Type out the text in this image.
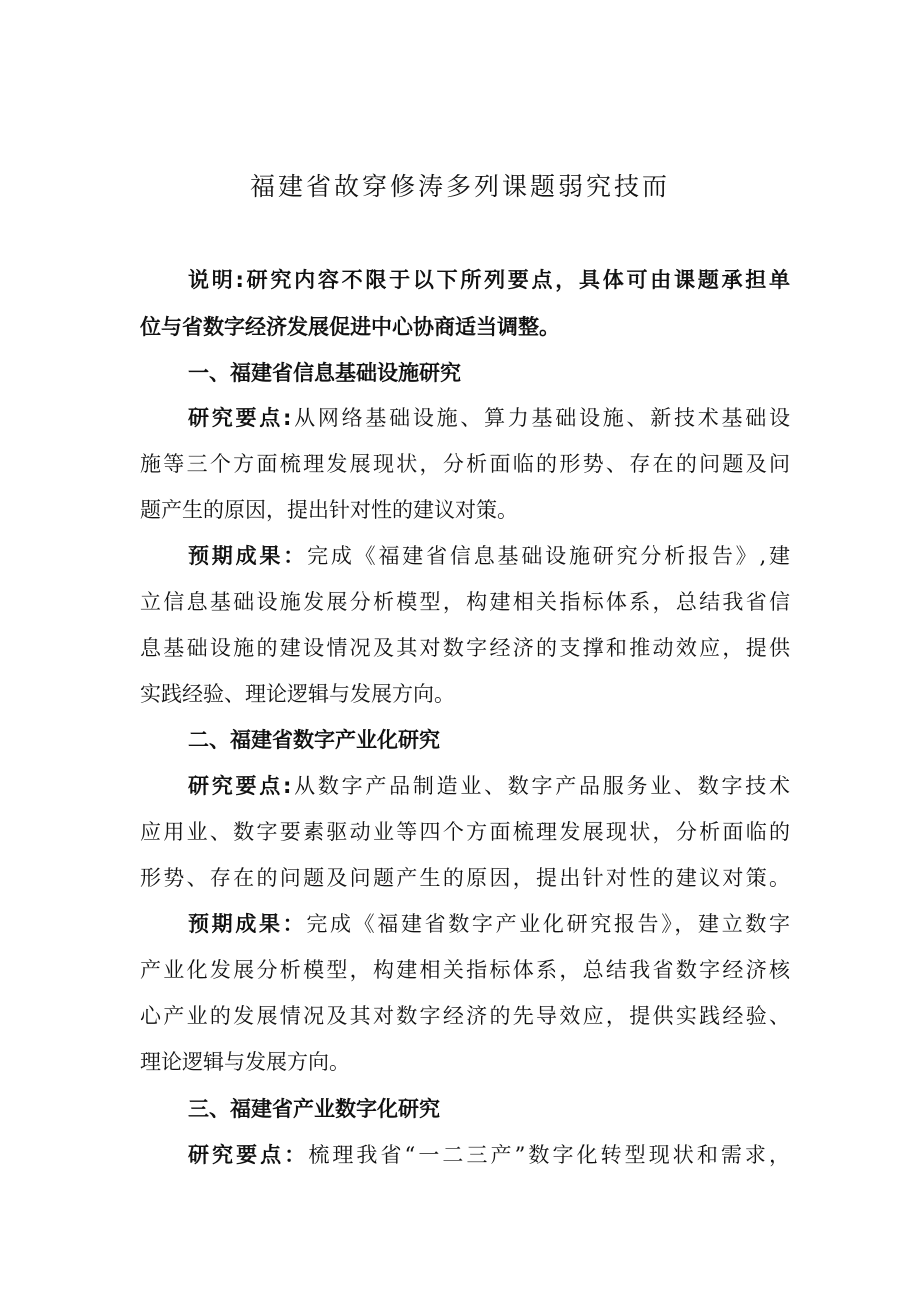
福建省故穿修涛多列课题弱究技而
说明:研究内容不限于以下所列要点，具体可由课题承担单
位与省数字经济发展促进中心协商适当调整。
一、福建省信息基础设施研究
研究要点:从网络基础设施、算力基础设施、新技术基础设
施等三个方面梳理发展现状，分析面临的形势、存在的问题及问
题产生的原因，提出针对性的建议对策。
预期成果：完成《福建省信息基础设施研究分析报告》,建
立信息基础设施发展分析模型，构建相关指标体系，总结我省信
息基础设施的建设情况及其对数字经济的支撑和推动效应，提供
实践经验、理论逻辑与发展方向。
二、福建省数字产业化研究
研究要点:从数字产品制造业、数字产品服务业、数字技术
应用业、数字要素驱动业等四个方面梳理发展现状，分析面临的
形势、存在的问题及问题产生的原因，提出针对性的建议对策。
预期成果：完成《福建省数字产业化研究报告》，建立数字
产业化发展分析模型，构建相关指标体系，总结我省数字经济核
心产业的发展情况及其对数字经济的先导效应，提供实践经验、
理论逻辑与发展方向。
三、福建省产业数字化研究
研究要点：梳理我省“一二三产”数字化转型现状和需求，
